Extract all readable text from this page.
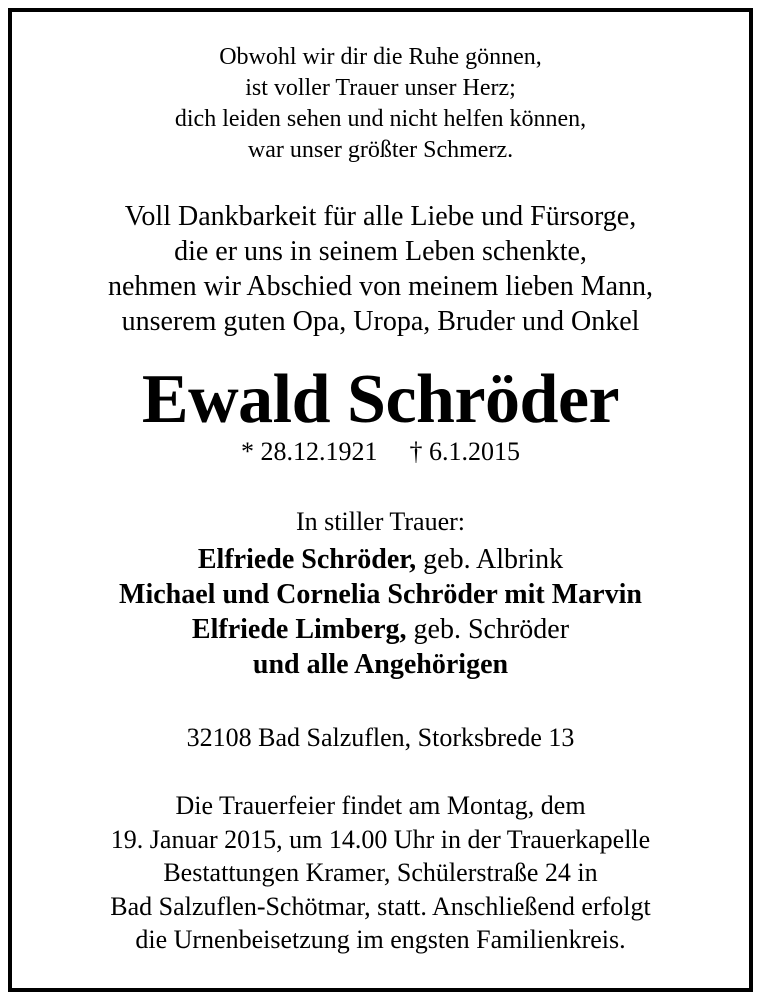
Obwohl wir dir die Ruhe gönnen,
ist voller Trauer unser Herz;
dich leiden sehen und nicht helfen können,
war unser größter Schmerz.
Voll Dankbarkeit für alle Liebe und Fürsorge,
die er uns in seinem Leben schenkte,
nehmen wir Abschied von meinem lieben Mann,
unserem guten Opa, Uropa, Bruder und Onkel
Ewald Schröder
* 28.12.1921 † 6.1.2015
In stiller Trauer:
Elfriede Schröder, geb. Albrink
Michael und Cornelia Schröder mit Marvin
Elfriede Limberg, geb. Schröder
und alle Angehörigen
32108 Bad Salzuflen, Storksbrede 13
Die Trauerfeier findet am Montag, dem
19. Januar 2015, um 14.00 Uhr in der Trauerkapelle
Bestattungen Kramer, Schülerstraße 24 in
Bad Salzuflen-Schötmar, statt. Anschließend erfolgt
die Urnenbeisetzung im engsten Familienkreis.
